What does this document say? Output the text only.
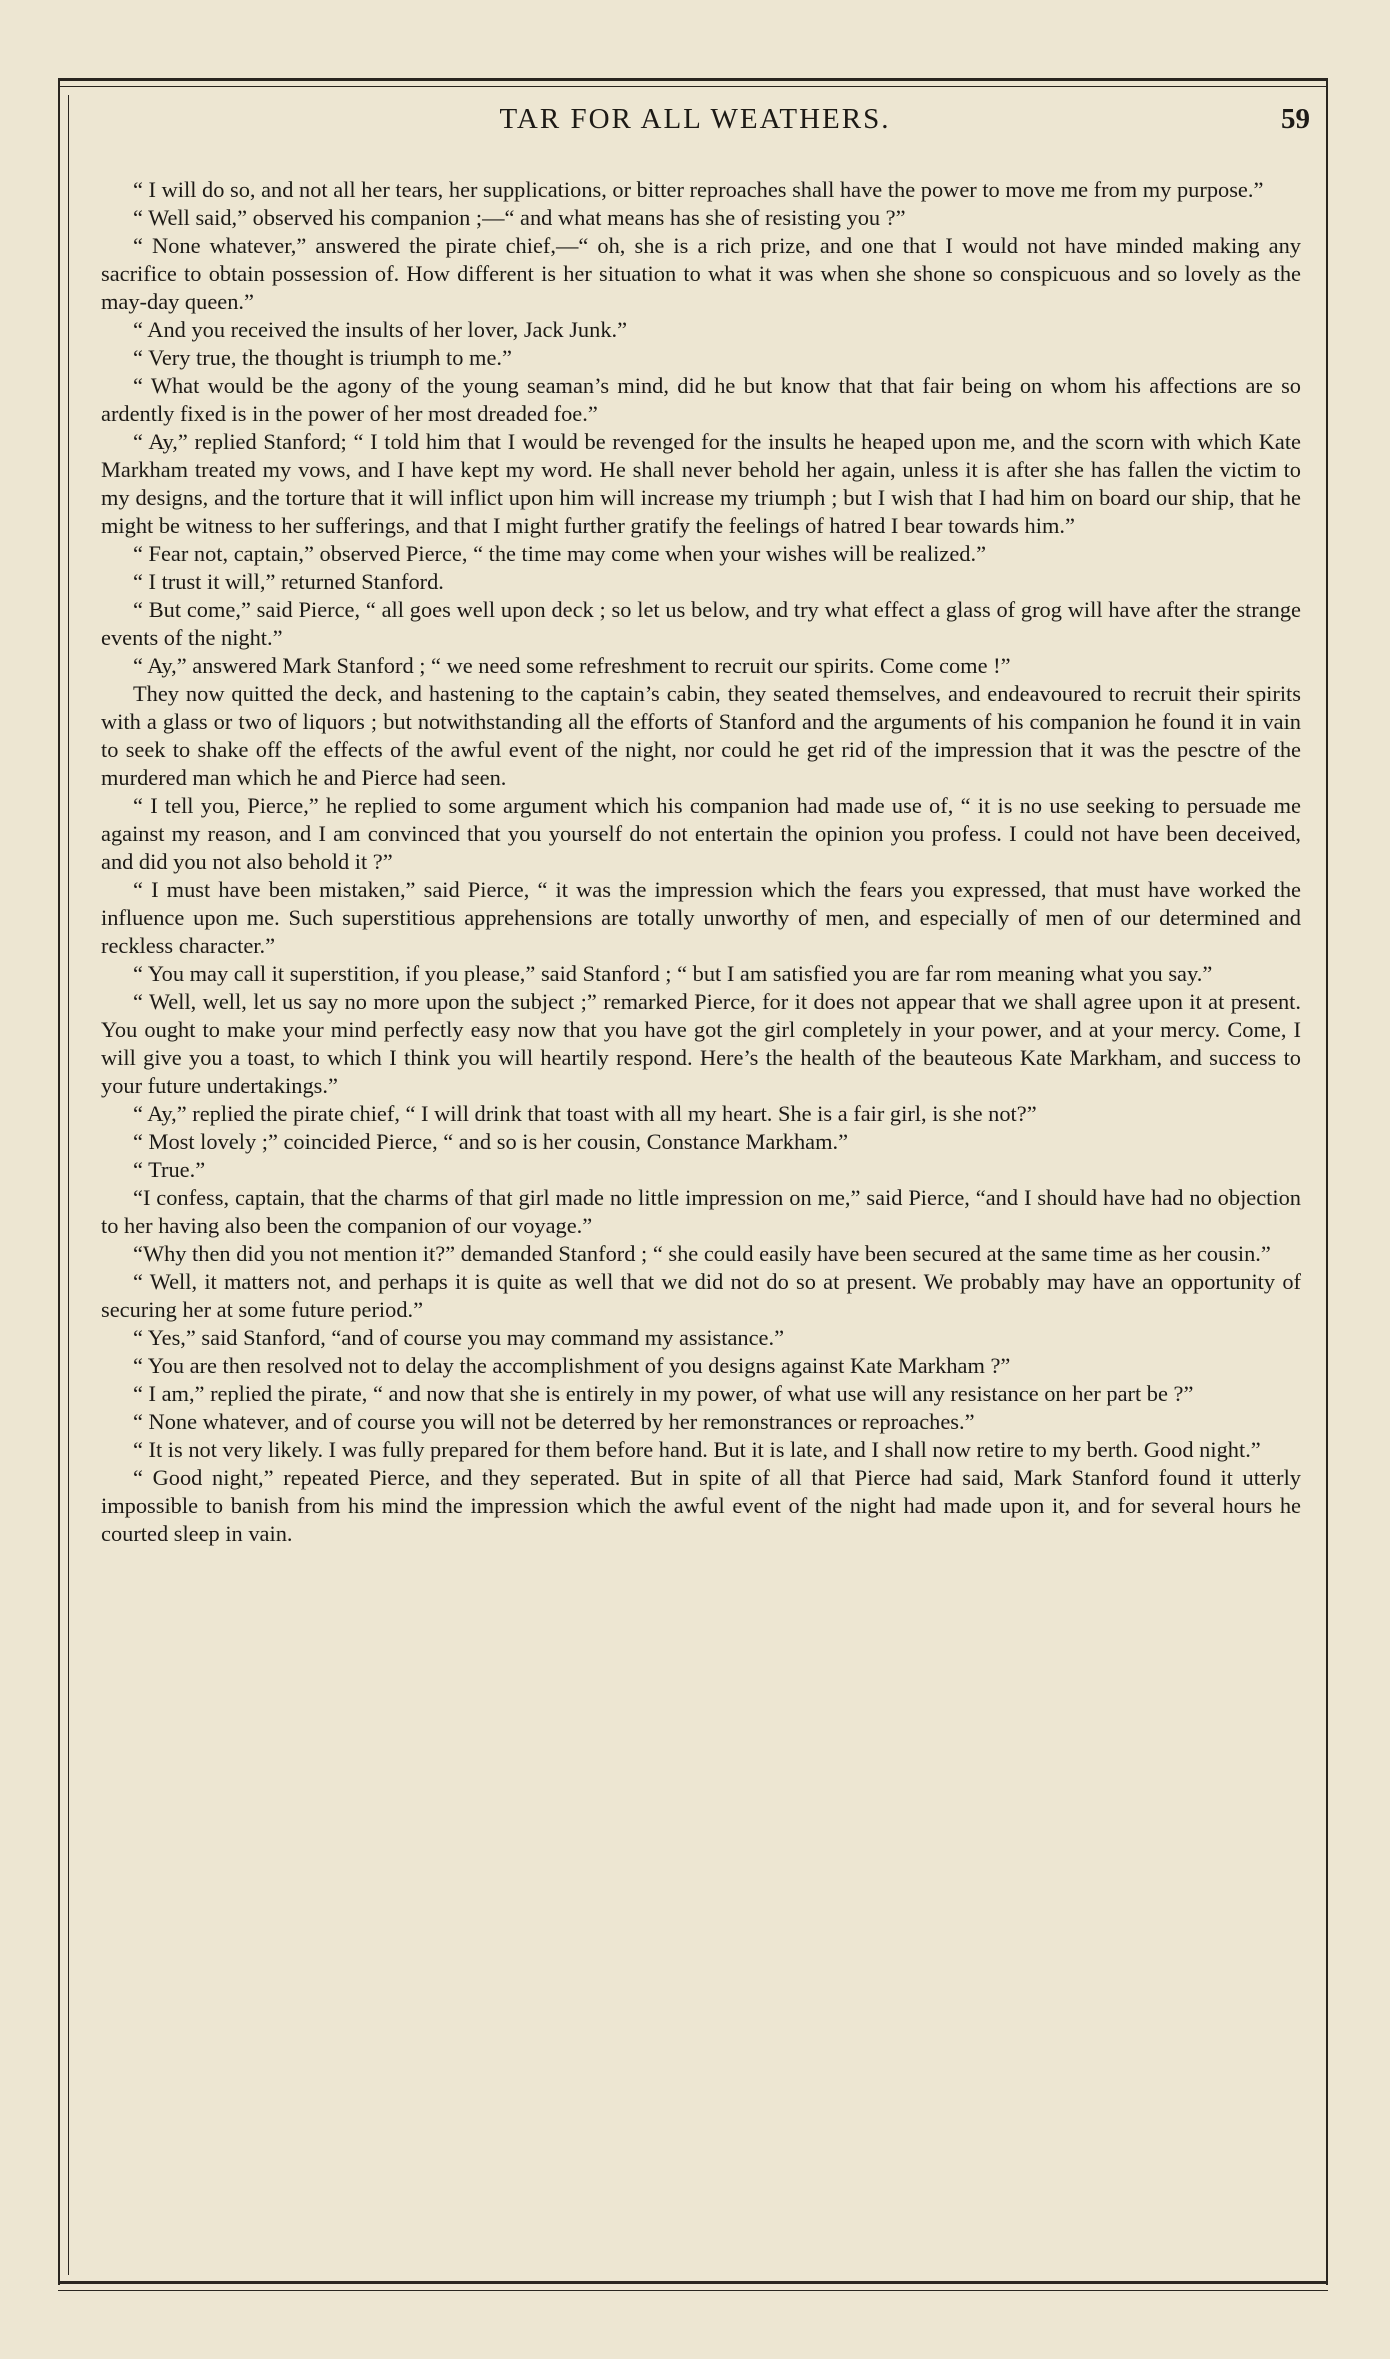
TAR FOR ALL WEATHERS.	59

“ I will do so, and not all her tears, her supplications, or bitter reproaches shall have the power to move me from my purpose.”

“ Well said,” observed his companion ;—“ and what means has she of resisting you ?”

“ None whatever,” answered the pirate chief,—“ oh, she is a rich prize, and one that I would not have minded making any sacrifice to obtain possession of. How different is her situation to what it was when she shone so conspicuous and so lovely as the may-day queen.”

“ And you received the insults of her lover, Jack Junk.”

“ Very true, the thought is triumph to me.”

“ What would be the agony of the young seaman’s mind, did he but know that that fair being on whom his affections are so ardently fixed is in the power of her most dreaded foe.”

“ Ay,” replied Stanford; “ I told him that I would be revenged for the insults he heaped upon me, and the scorn with which Kate Markham treated my vows, and I have kept my word. He shall never behold her again, unless it is after she has fallen the victim to my designs, and the torture that it will inflict upon him will increase my triumph ; but I wish that I had him on board our ship, that he might be witness to her sufferings, and that I might further gratify the feelings of hatred I bear towards him.”

“ Fear not, captain,” observed Pierce, “ the time may come when your wishes will be realized.”

“ I trust it will,” returned Stanford.

“ But come,” said Pierce, “ all goes well upon deck ; so let us below, and try what effect a glass of grog will have after the strange events of the night.”

“ Ay,” answered Mark Stanford ; “ we need some refreshment to recruit our spirits. Come come !”

They now quitted the deck, and hastening to the captain’s cabin, they seated themselves, and endeavoured to recruit their spirits with a glass or two of liquors ; but notwithstanding all the efforts of Stanford and the arguments of his companion he found it in vain to seek to shake off the effects of the awful event of the night, nor could he get rid of the impression that it was the pesctre of the murdered man which he and Pierce had seen.

“ I tell you, Pierce,” he replied to some argument which his companion had made use of, “ it is no use seeking to persuade me against my reason, and I am convinced that you yourself do not entertain the opinion you profess. I could not have been deceived, and did you not also behold it ?”

“ I must have been mistaken,” said Pierce, “ it was the impression which the fears you expressed, that must have worked the influence upon me. Such superstitious apprehensions are totally unworthy of men, and especially of men of our determined and reckless character.”

“ You may call it superstition, if you please,” said Stanford ; “ but I am satisfied you are far rom meaning what you say.”

“ Well, well, let us say no more upon the subject ;” remarked Pierce, for it does not appear that we shall agree upon it at present. You ought to make your mind perfectly easy now that you have got the girl completely in your power, and at your mercy. Come, I will give you a toast, to which I think you will heartily respond. Here’s the health of the beauteous Kate Markham, and success to your future undertakings.”

“ Ay,” replied the pirate chief, “ I will drink that toast with all my heart. She is a fair girl, is she not?”

“ Most lovely ;” coincided Pierce, “ and so is her cousin, Constance Markham.”

“ True.”

“I confess, captain, that the charms of that girl made no little impression on me,” said Pierce, “and I should have had no objection to her having also been the companion of our voyage.”

“Why then did you not mention it?” demanded Stanford ; “ she could easily have been secured at the same time as her cousin.”

“ Well, it matters not, and perhaps it is quite as well that we did not do so at present. We probably may have an opportunity of securing her at some future period.”

“ Yes,” said Stanford, “and of course you may command my assistance.”

“ You are then resolved not to delay the accomplishment of you designs against Kate Markham ?”

“ I am,” replied the pirate, “ and now that she is entirely in my power, of what use will any resistance on her part be ?”

“ None whatever, and of course you will not be deterred by her remonstrances or reproaches.”

“ It is not very likely. I was fully prepared for them before hand. But it is late, and I shall now retire to my berth. Good night.”

“ Good night,” repeated Pierce, and they seperated. But in spite of all that Pierce had said, Mark Stanford found it utterly impossible to banish from his mind the impression which the awful event of the night had made upon it, and for several hours he courted sleep in vain.
